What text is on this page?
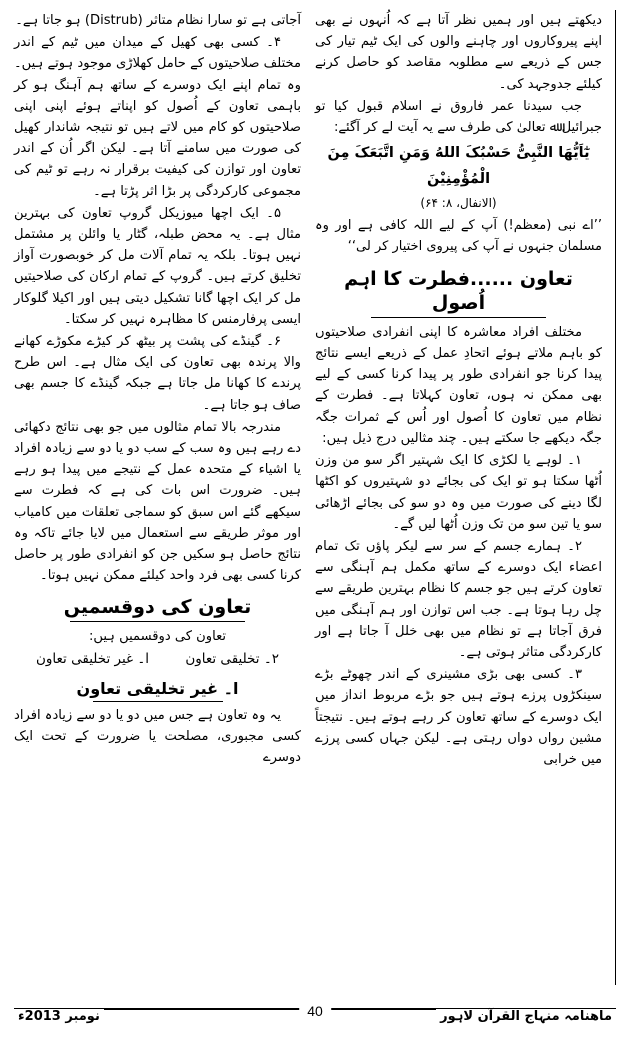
آجاتی ہے تو سارا نظام متاثر (Distrub) ہو جاتا ہے۔

۴۔ کسی بھی کھیل کے میدان میں ٹیم کے اندر مختلف صلاحیتوں کے حامل کھلاڑی موجود ہوتے ہیں۔ وہ تمام اپنے ایک دوسرے کے ساتھ ہم آہنگ ہو کر باہمی تعاون کے اُصول کو اپناتے ہوئے اپنی اپنی صلاحیتوں کو کام میں لاتے ہیں تو نتیجہ شاندار کھیل کی صورت میں سامنے آتا ہے۔ لیکن اگر اُن کے اندر تعاون اور توازن کی کیفیت برقرار نہ رہے تو ٹیم کی مجموعی کارکردگی پر بڑا اثر پڑتا ہے۔

۵۔ ایک اچھا میوزیکل گروپ تعاون کی بہترین مثال ہے۔ یہ محض طبلہ، گٹار یا وائلن پر مشتمل نہیں ہوتا۔ بلکہ یہ تمام آلات مل کر خوبصورت آواز تخلیق کرتے ہیں۔ گروپ کے تمام ارکان کی صلاحیتیں مل کر ایک اچھا گانا تشکیل دیتی ہیں اور اکیلا گلوکار ایسی پرفارمنس کا مظاہرہ نہیں کر سکتا۔

۶۔ گینڈے کی پشت پر بیٹھ کر کیڑے مکوڑے کھانے والا پرندہ بھی تعاون کی ایک مثال ہے۔ اس طرح پرندے کا کھانا مل جاتا ہے جبکہ گینڈے کا جسم بھی صاف ہو جاتا ہے۔

مندرجہ بالا تمام مثالوں میں جو بھی نتائج دکھائی دے رہے ہیں وہ سب کے سب دو یا دو سے زیادہ افراد یا اشیاء کے متحدہ عمل کے نتیجے میں پیدا ہو رہے ہیں۔ ضرورت اس بات کی ہے کہ فطرت سے سیکھے گئے اس سبق کو سماجی تعلقات میں کامیاب اور موثر طریقے سے استعمال میں لایا جائے تاکہ وہ نتائج حاصل ہو سکیں جن کو انفرادی طور پر حاصل کرنا کسی بھی فرد واحد کیلئے ممکن نہیں ہوتا۔

تعاون کی دوقسمیں

تعاون کی دوقسمیں ہیں:

۲۔ تخلیقی تعاون ا۔ غیر تخلیقی تعاون
ا۔ غیر تخلیقی تعاون

یہ وہ تعاون ہے جس میں دو یا دو سے زیادہ افراد کسی مجبوری، مصلحت یا ضرورت کے تحت ایک دوسرے

دیکھتے ہیں اور ہمیں نظر آتا ہے کہ اُنہوں نے بھی اپنے پیروکاروں اور چاہنے والوں کی ایک ٹیم تیار کی جس کے ذریعے سے مطلوبہ مقاصد کو حاصل کرنے کیلئے جدوجہد کی۔

جب سیدنا عمر فاروق نے اسلام قبول کیا تو جبرائیل ﷲ تعالیٰ کی طرف سے یہ آیت لے کر آگئے:

یٰٓاَیُّهَا النَّبِیُّ حَسْبُکَ اللهُ وَمَنِ اتَّبَعَکَ مِنَ الْمُؤْمِنِیْنَ

(الانفال، ۸: ۶۴)

’’اے نبی (معظم!) آپ کے لیے اللہ کافی ہے اور وہ مسلمان جنہوں نے آپ کی پیروی اختیار کر لی‘‘

تعاون ......فطرت کا اہم اُصول

مختلف افراد معاشرہ کا اپنی انفرادی صلاحیتوں کو باہم ملاتے ہوئے اتحادِ عمل کے ذریعے ایسے نتائج پیدا کرنا جو انفرادی طور پر پیدا کرنا کسی کے لیے بھی ممکن نہ ہوں، تعاون کہلاتا ہے۔ فطرت کے نظام میں تعاون کا اُصول اور اُس کے ثمرات جگہ جگہ دیکھے جا سکتے ہیں۔ چند مثالیں درج ذیل ہیں:

۱۔ لوہے یا لکڑی کا ایک شہتیر اگر سو من وزن اُٹھا سکتا ہو تو ایک کی بجائے دو شہتیروں کو اکٹھا لگا دینے کی صورت میں وہ دو سو کی بجائے اڑھائی سو یا تین سو من تک وزن اُٹھا لیں گے۔

۲۔ ہمارے جسم کے سر سے لیکر پاؤں تک تمام اعضاء ایک دوسرے کے ساتھ مکمل ہم آہنگی سے تعاون کرتے ہیں جو جسم کا نظام بہترین طریقے سے چل رہا ہوتا ہے۔ جب اس توازن اور ہم آہنگی میں فرق آجاتا ہے تو نظام میں بھی خلل آ جاتا ہے اور کارکردگی متاثر ہوتی ہے۔

۳۔ کسی بھی بڑی مشینری کے اندر چھوٹے بڑے سینکڑوں پرزے ہوتے ہیں جو بڑے مربوط انداز میں ایک دوسرے کے ساتھ تعاون کر رہے ہوتے ہیں۔ نتیجتاً مشین رواں دواں رہتی ہے۔ لیکن جہاں کسی پرزے میں خرابی

نومبر 2013ء	40	ماهنامہ منہاج القرآن لاہور
